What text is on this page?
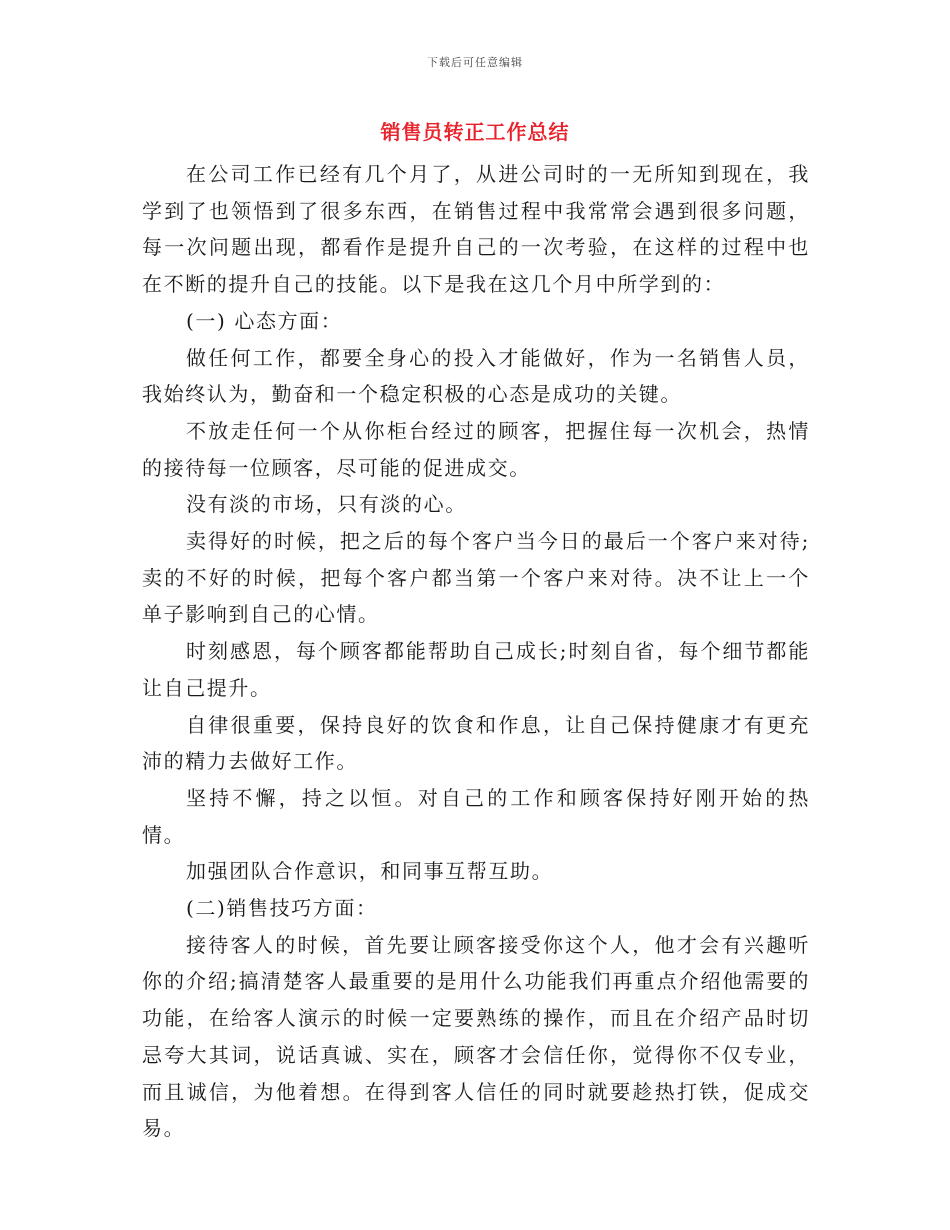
下载后可任意编辑
销售员转正工作总结

在公司工作已经有几个月了，从进公司时的一无所知到现在，我学到了也领悟到了很多东西，在销售过程中我常常会遇到很多问题，每一次问题出现，都看作是提升自己的一次考验，在这样的过程中也在不断的提升自己的技能。以下是我在这几个月中所学到的：

(一) 心态方面：

做任何工作，都要全身心的投入才能做好，作为一名销售人员，我始终认为，勤奋和一个稳定积极的心态是成功的关键。

不放走任何一个从你柜台经过的顾客，把握住每一次机会，热情的接待每一位顾客，尽可能的促进成交。

没有淡的市场，只有淡的心。

卖得好的时候，把之后的每个客户当今日的最后一个客户来对待;卖的不好的时候，把每个客户都当第一个客户来对待。决不让上一个单子影响到自己的心情。

时刻感恩，每个顾客都能帮助自己成长;时刻自省，每个细节都能让自己提升。

自律很重要，保持良好的饮食和作息，让自己保持健康才有更充沛的精力去做好工作。

坚持不懈，持之以恒。对自己的工作和顾客保持好刚开始的热情。

加强团队合作意识，和同事互帮互助。

(二)销售技巧方面：

接待客人的时候，首先要让顾客接受你这个人，他才会有兴趣听你的介绍;搞清楚客人最重要的是用什么功能我们再重点介绍他需要的功能，在给客人演示的时候一定要熟练的操作，而且在介绍产品时切忌夸大其词，说话真诚、实在，顾客才会信任你，觉得你不仅专业，而且诚信，为他着想。在得到客人信任的同时就要趁热打铁，促成交易。
